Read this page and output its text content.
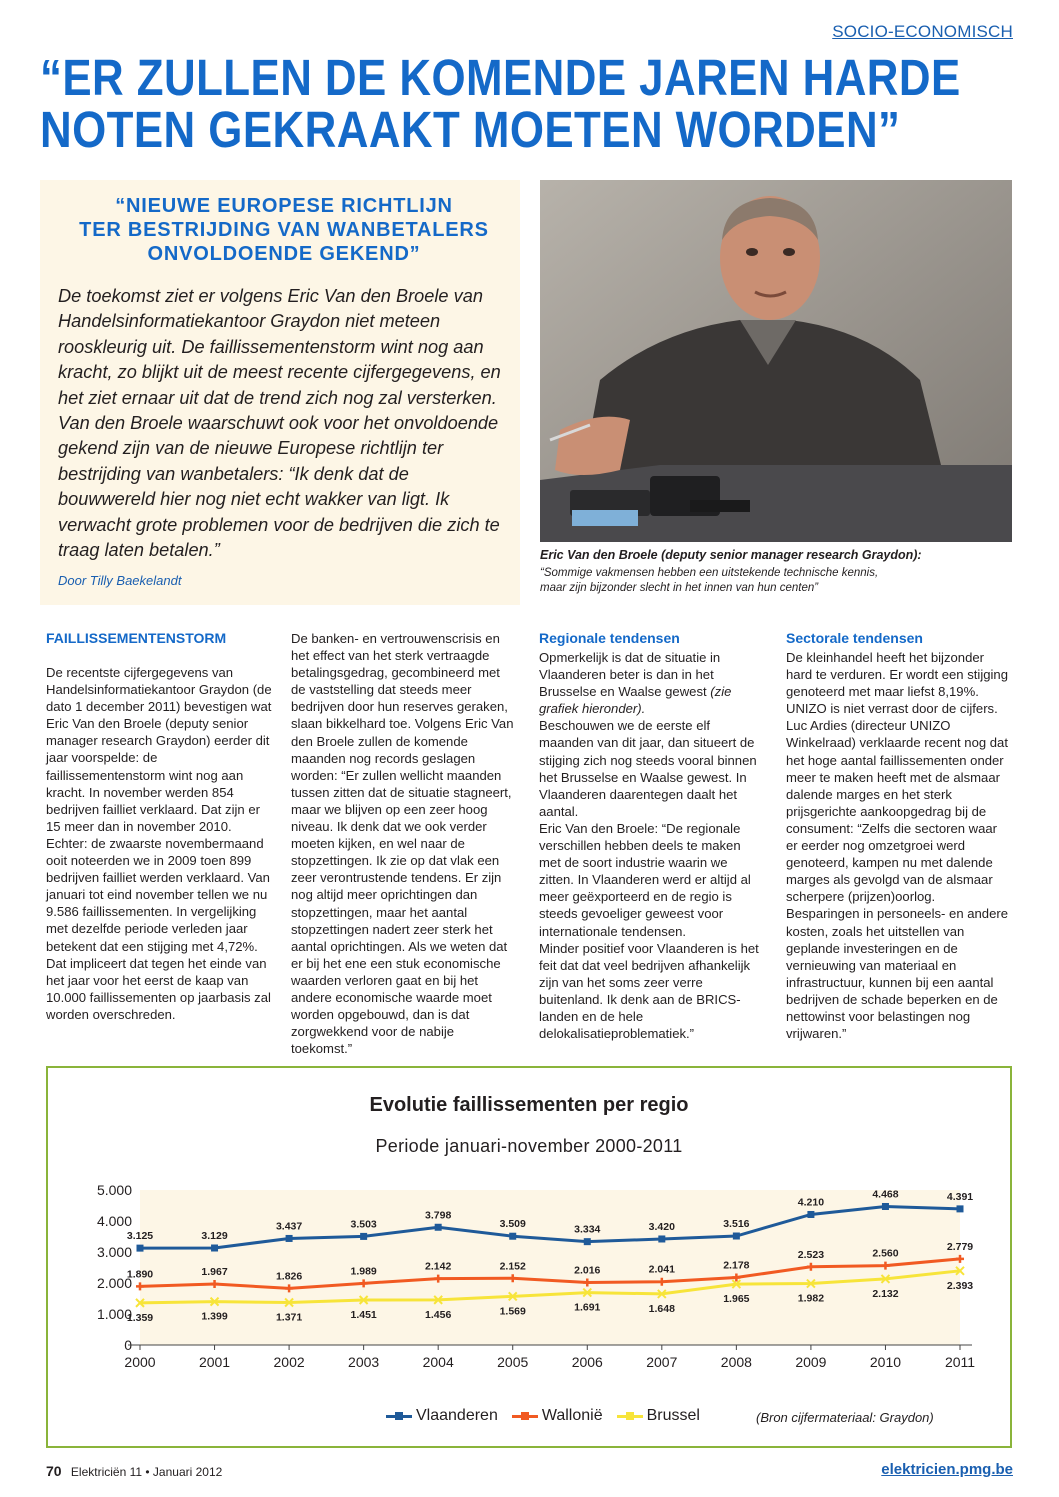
SOCIO-ECONOMISCH
“ER ZULLEN DE KOMENDE JAREN HARDE
NOTEN GEKRAAKT MOETEN WORDEN”
“NIEUWE EUROPESE RICHTLIJN
TER BESTRIJDING VAN WANBETALERS
ONVOLDOENDE GEKEND”
De toekomst ziet er volgens Eric Van den Broele van Handelsinformatiekantoor Graydon niet meteen rooskleurig uit. De faillissementenstorm wint nog aan kracht, zo blijkt uit de meest recente cijfergegevens, en het ziet ernaar uit dat de trend zich nog zal versterken. Van den Broele waarschuwt ook voor het onvoldoende gekend zijn van de nieuwe Europese richtlijn ter bestrijding van wanbetalers: “Ik denk dat de bouwwereld hier nog niet echt wakker van ligt. Ik verwacht grote problemen voor de bedrijven die zich te traag laten betalen.”
Door Tilly Baekelandt
Eric Van den Broele (deputy senior manager research Graydon):
“Sommige vakmensen hebben een uitstekende technische kennis,
maar zijn bijzonder slecht in het innen van hun centen”

FAILLISSEMENTENSTORM

De recentste cijfergegevens van Handelsinformatiekantoor Graydon (de dato 1 december 2011) bevestigen wat Eric Van den Broele (deputy senior manager research Graydon) eerder dit jaar voorspelde: de faillissementenstorm wint nog aan kracht. In november werden 854 bedrijven failliet verklaard. Dat zijn er 15 meer dan in november 2010. Echter: de zwaarste novembermaand ooit noteerden we in 2009 toen 899 bedrijven failliet werden verklaard. Van januari tot eind november tellen we nu 9.586 faillissementen. In vergelijking met dezelfde periode verleden jaar betekent dat een stijging met 4,72%. Dat impliceert dat tegen het einde van het jaar voor het eerst de kaap van 10.000 faillissementen op jaarbasis zal worden overschreden.

De banken- en vertrouwenscrisis en het effect van het sterk vertraagde betalingsgedrag, gecombineerd met de vaststelling dat steeds meer bedrijven door hun reserves geraken, slaan bikkelhard toe. Volgens Eric Van den Broele zullen de komende maanden nog records geslagen worden: “Er zullen wellicht maanden tussen zitten dat de situatie stagneert, maar we blijven op een zeer hoog niveau. Ik denk dat we ook verder moeten kijken, en wel naar de stopzettingen. Ik zie op dat vlak een zeer verontrustende tendens. Er zijn nog altijd meer oprichtingen dan stopzettingen, maar het aantal stopzettingen nadert zeer sterk het aantal oprichtingen. Als we weten dat er bij het ene een stuk economische waarden verloren gaat en bij het andere economische waarde moet worden opgebouwd, dan is dat zorgwekkend voor de nabije toekomst.”

Regionale tendensen

Opmerkelijk is dat de situatie in Vlaanderen beter is dan in het Brusselse en Waalse gewest (zie grafiek hieronder).

Beschouwen we de eerste elf maanden van dit jaar, dan situeert de stijging zich nog steeds vooral binnen het Brusselse en Waalse gewest. In Vlaanderen daarentegen daalt het aantal.

Eric Van den Broele: “De regionale verschillen hebben deels te maken met de soort industrie waarin we zitten. In Vlaanderen werd er altijd al meer geëxporteerd en de regio is steeds gevoeliger geweest voor internationale tendensen.

Minder positief voor Vlaanderen is het feit dat dat veel bedrijven afhankelijk zijn van het soms zeer verre buitenland. Ik denk aan de BRICS-landen en de hele delokalisatieproblematiek.”

Sectorale tendensen

De kleinhandel heeft het bijzonder hard te verduren. Er wordt een stijging genoteerd met maar liefst 8,19%. UNIZO is niet verrast door de cijfers. Luc Ardies (directeur UNIZO Winkelraad) verklaarde recent nog dat het hoge aantal faillissementen onder meer te maken heeft met de alsmaar dalende marges en het sterk prijsgerichte aankoopgedrag bij de consument: “Zelfs die sectoren waar er eerder nog omzetgroei werd genoteerd, kampen nu met dalende marges als gevolgd van de alsmaar scherpere (prijzen)oorlog. Besparingen in personeels- en andere kosten, zoals het uitstellen van geplande investeringen en de vernieuwing van materiaal en infrastructuur, kunnen bij een aantal bedrijven de schade beperken en de nettowinst voor belastingen nog vrijwaren.”

Evolutie faillissementen per regio
Periode januari-november 2000-2011
0
1.000
2.000
3.000
4.000
5.000
2000	2001	2002	2003	2004	2005	2006	2007	2008	2009	2010	2011
3.125	3.129
3.437	3.503
3.798
3.509	3.334	3.420	3.516
4.210
4.468	4.391
1.890	1.967	1.826	1.989	2.142	2.152	2.016	2.041	2.178
2.523	2.560
2.779
1.359	1.399	1.371	1.451	1.456	1.569	1.691	1.648
1.965	1.982	2.132
2.393
Vlaanderen	Wallonië	Brussel	(Bron cijfermateriaal: Graydon)
70 Elektriciën 11 • Januari 2012	elektricien.pmg.be
